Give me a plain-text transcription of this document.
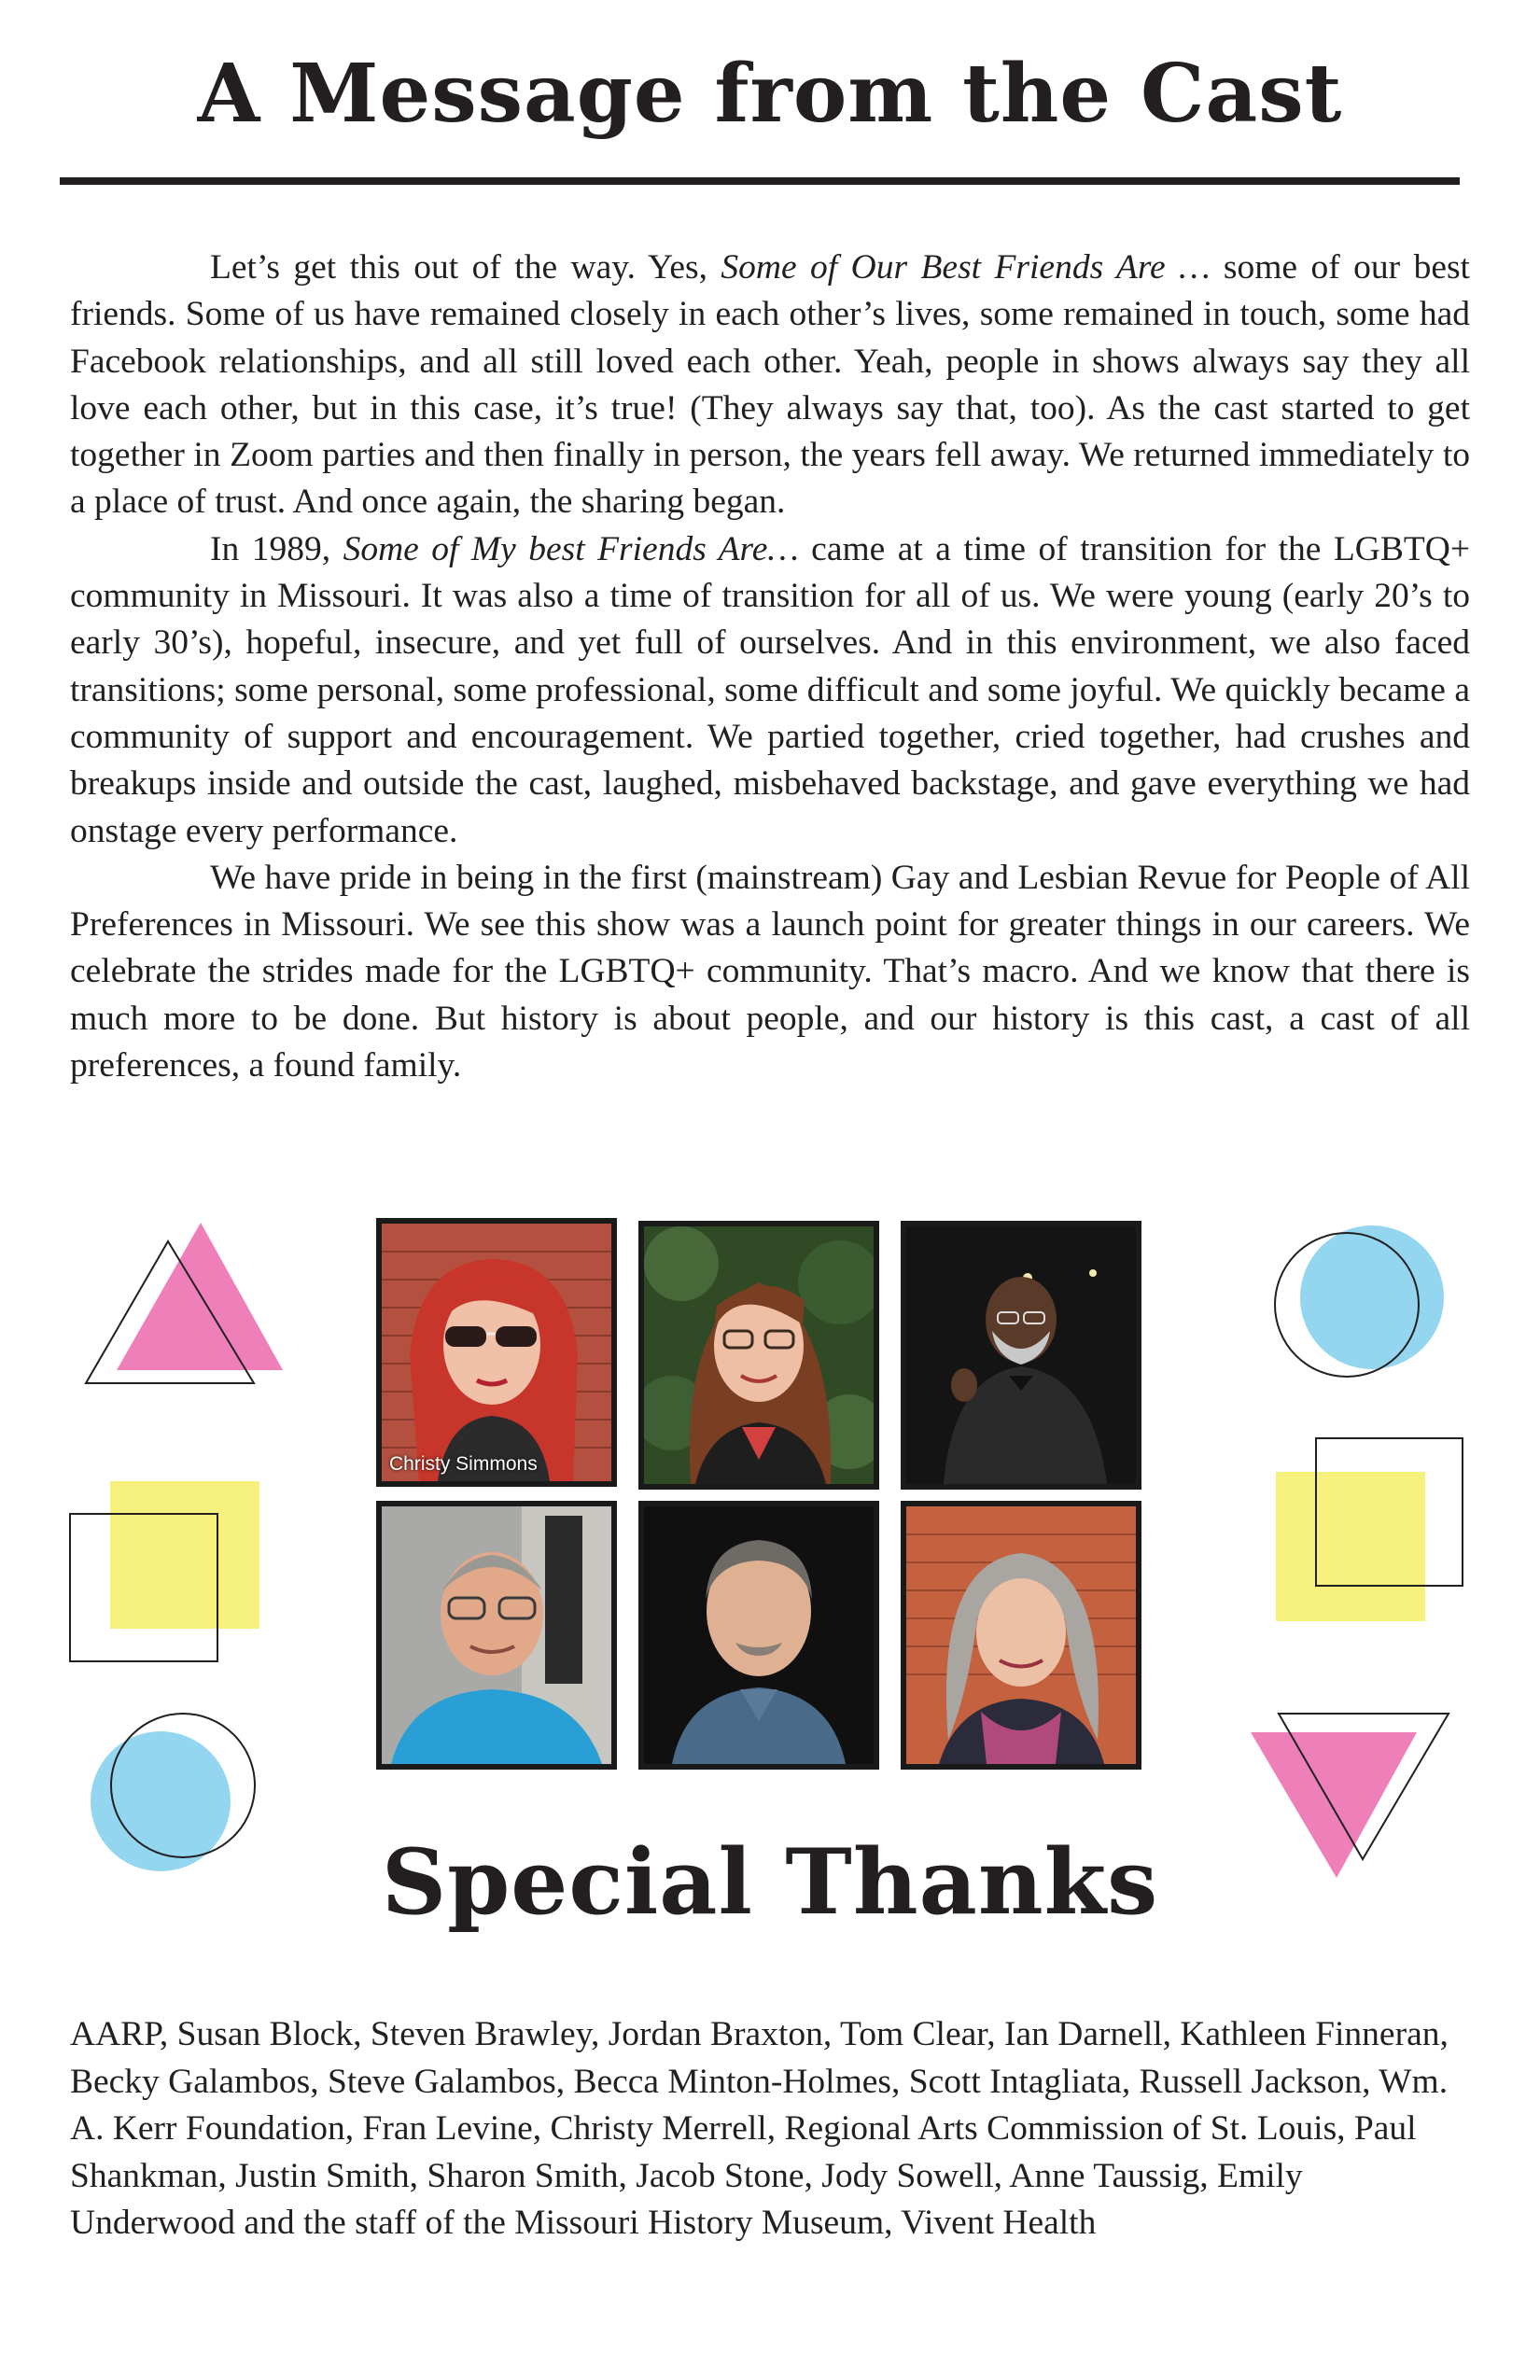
A Message from the Cast

Let’s get this out of the way. Yes, Some of Our Best Friends Are … some of our best friends. Some of us have remained closely in each other’s lives, some remained in touch, some had Facebook relationships, and all still loved each other. Yeah, people in shows always say they all love each other, but in this case, it’s true! (They always say that, too). As the cast started to get together in Zoom parties and then finally in person, the years fell away. We returned immediately to a place of trust. And once again, the sharing began.

In 1989, Some of My best Friends Are… came at a time of transition for the LGBTQ+ community in Missouri. It was also a time of transition for all of us. We were young (early 20’s to early 30’s), hopeful, insecure, and yet full of ourselves. And in this environment, we also faced transitions; some personal, some professional, some difficult and some joyful. We quickly became a community of support and encouragement. We partied together, cried together, had crushes and breakups inside and outside the cast, laughed, misbehaved backstage, and gave everything we had onstage every performance.

We have pride in being in the first (mainstream) Gay and Lesbian Revue for People of All Preferences in Missouri. We see this show was a launch point for greater things in our careers. We celebrate the strides made for the LGBTQ+ community. That’s macro. And we know that there is much more to be done. But history is about people, and our history is this cast, a cast of all preferences, a found family.

Christy Simmons
Special Thanks

AARP, Susan Block, Steven Brawley, Jordan Braxton, Tom Clear, Ian Darnell, Kathleen Finneran, Becky Galambos, Steve Galambos, Becca Minton-Holmes, Scott Intagliata, Russell Jackson, Wm. A. Kerr Foundation, Fran Levine, Christy Merrell, Regional Arts Commission of St. Louis, Paul Shankman, Justin Smith, Sharon Smith, Jacob Stone, Jody Sowell, Anne Taussig, Emily Underwood and the staff of the Missouri History Museum, Vivent Health
